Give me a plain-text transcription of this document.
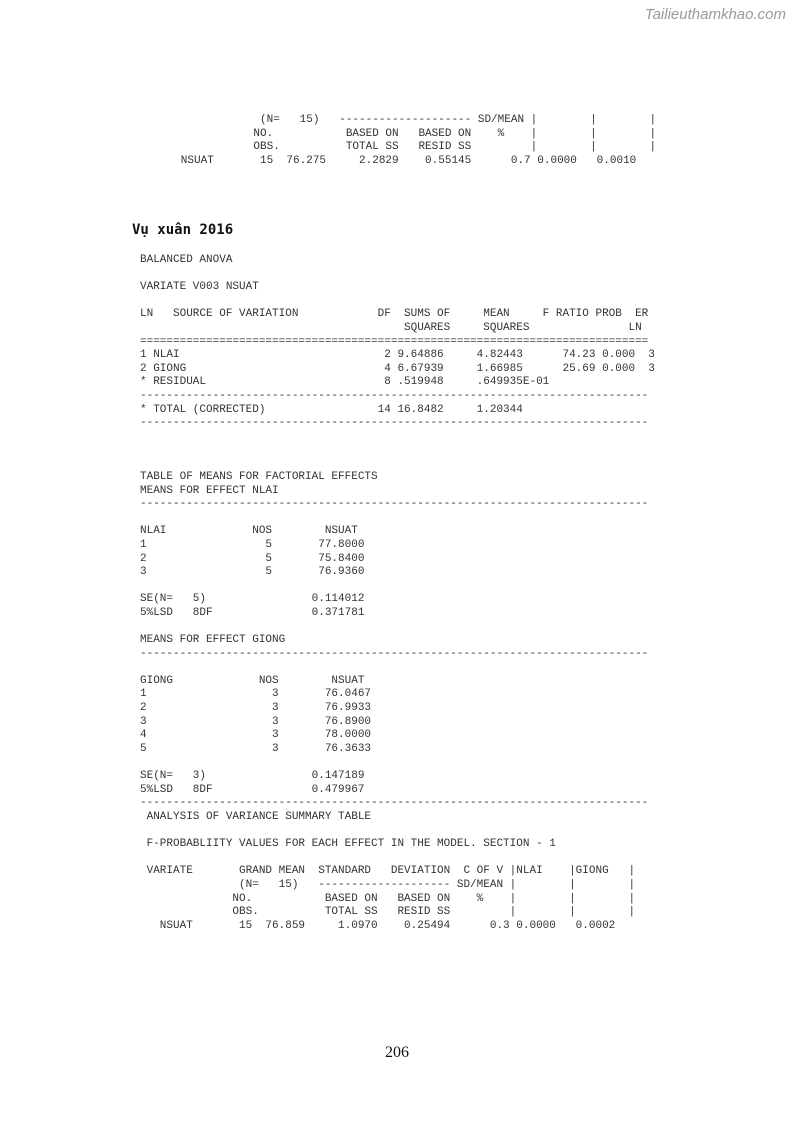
Tailieuthamkhao.com
(N=   15)   -------------------- SD/MEAN |        |        |
NO.           BASED ON   BASED ON    %    |        |        |
OBS.          TOTAL SS   RESID SS         |        |        |
NSUAT       15  76.275     2.2829    0.55145      0.7 0.0000   0.0010
Vụ xuân 2016
BALANCED ANOVA

VARIATE V003 NSUAT

LN   SOURCE OF VARIATION            DF  SUMS OF     MEAN     F RATIO PROB  ER
SQUARES     SQUARES               LN
=============================================================================
1 NLAI                               2 9.64886     4.82443      74.23 0.000  3
2 GIONG                              4 6.67939     1.66985      25.69 0.000  3
* RESIDUAL                           8 .519948     .649935E-01
-----------------------------------------------------------------------------
* TOTAL (CORRECTED)                 14 16.8482     1.20344
-----------------------------------------------------------------------------
TABLE OF MEANS FOR FACTORIAL EFFECTS
MEANS FOR EFFECT NLAI
-----------------------------------------------------------------------------

NLAI             NOS        NSUAT
1                  5       77.8000
2                  5       75.8400
3                  5       76.9360

SE(N=   5)                0.114012
5%LSD   8DF               0.371781
MEANS FOR EFFECT GIONG
-----------------------------------------------------------------------------

GIONG             NOS        NSUAT
1                   3       76.0467
2                   3       76.9933
3                   3       76.8900
4                   3       78.0000
5                   3       76.3633

SE(N=   3)                0.147189
5%LSD   8DF               0.479967
-----------------------------------------------------------------------------
ANALYSIS OF VARIANCE SUMMARY TABLE

F-PROBABLIITY VALUES FOR EACH EFFECT IN THE MODEL. SECTION - 1

VARIATE       GRAND MEAN  STANDARD   DEVIATION  C OF V |NLAI    |GIONG   |
(N=   15)   -------------------- SD/MEAN |        |        |
NO.           BASED ON   BASED ON    %    |        |        |
OBS.          TOTAL SS   RESID SS         |        |        |
NSUAT       15  76.859     1.0970    0.25494      0.3 0.0000   0.0002
206
